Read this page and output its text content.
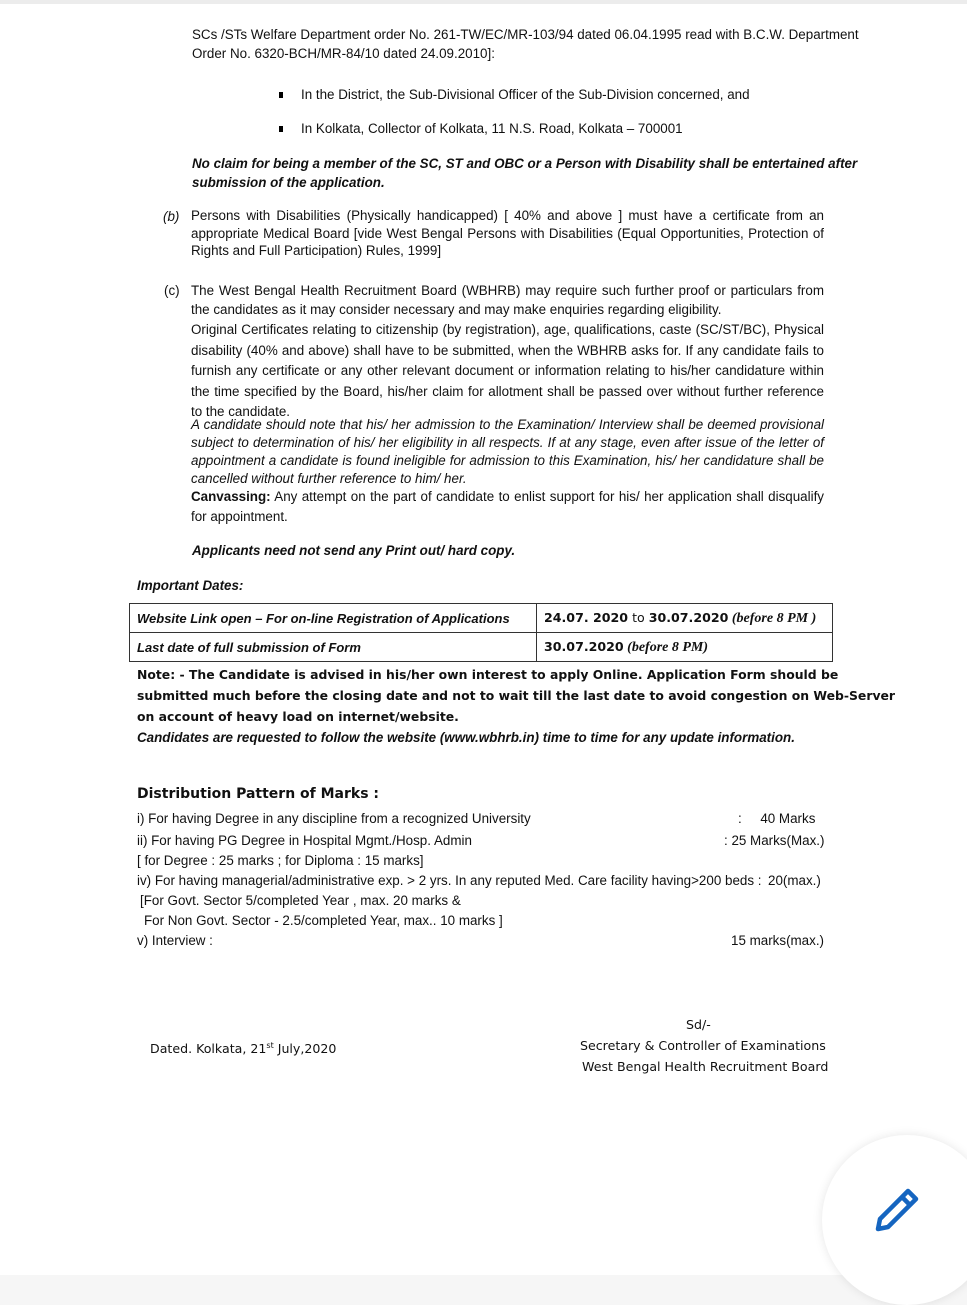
SCs /STs Welfare Department order No. 261-TW/EC/MR-103/94 dated 06.04.1995 read with B.C.W. Department
Order No. 6320-BCH/MR-84/10 dated 24.09.2010]:
In the District, the Sub-Divisional Officer of the Sub-Division concerned, and
In Kolkata, Collector of Kolkata, 11 N.S. Road, Kolkata – 700001
No claim for being a member of the SC, ST and OBC or a Person with Disability shall be entertained after
submission of the application.
(b) Persons with Disabilities (Physically handicapped) [ 40% and above ] must have a certificate from an appropriate Medical Board [vide West Bengal Persons with Disabilities (Equal Opportunities, Protection of Rights and Full Participation) Rules, 1999]
(c) The West Bengal Health Recruitment Board (WBHRB) may require such further proof or particulars from the candidates as it may consider necessary and may make enquiries regarding eligibility.
Original Certificates relating to citizenship (by registration), age, qualifications, caste (SC/ST/BC), Physical disability (40% and above) shall have to be submitted, when the WBHRB asks for. If any candidate fails to furnish any certificate or any other relevant document or information relating to his/her candidature within the time specified by the Board, his/her claim for allotment shall be passed over without further reference to the candidate.
A candidate should note that his/ her admission to the Examination/ Interview shall be deemed provisional subject to determination of his/ her eligibility in all respects. If at any stage, even after issue of the letter of appointment a candidate is found ineligible for admission to this Examination, his/ her candidature shall be cancelled without further reference to him/ her.
Canvassing: Any attempt on the part of candidate to enlist support for his/ her application shall disqualify for appointment.
Applicants need not send any Print out/ hard copy.
Important Dates:
Website Link open – For on-line Registration of Applications	24.07. 2020 to 30.07.2020 (before 8 PM )
Last date of full submission of Form	30.07.2020 (before 8 PM)
Note: - The Candidate is advised in his/her own interest to apply Online. Application Form should be
submitted much before the closing date and not to wait till the last date to avoid congestion on Web-Server
on account of heavy load on internet/website.
Candidates are requested to follow the website (www.wbhrb.in) time to time for any update information.
Distribution Pattern of Marks :
i) For having Degree in any discipline from a recognized University	:     40 Marks
ii) For having PG Degree in Hospital Mgmt./Hosp. Admin	: 25 Marks(Max.)
[ for Degree : 25 marks ; for Diploma : 15 marks]
iv) For having managerial/administrative exp. > 2 yrs. In any reputed Med. Care facility having>200 beds : 20(max.)
[For Govt. Sector 5/completed Year , max. 20 marks &
For Non Govt. Sector - 2.5/completed Year, max.. 10 marks ]
v) Interview :	15 marks(max.)
Dated. Kolkata, 21st July,2020
Sd/-
Secretary & Controller of Examinations
West Bengal Health Recruitment Board
